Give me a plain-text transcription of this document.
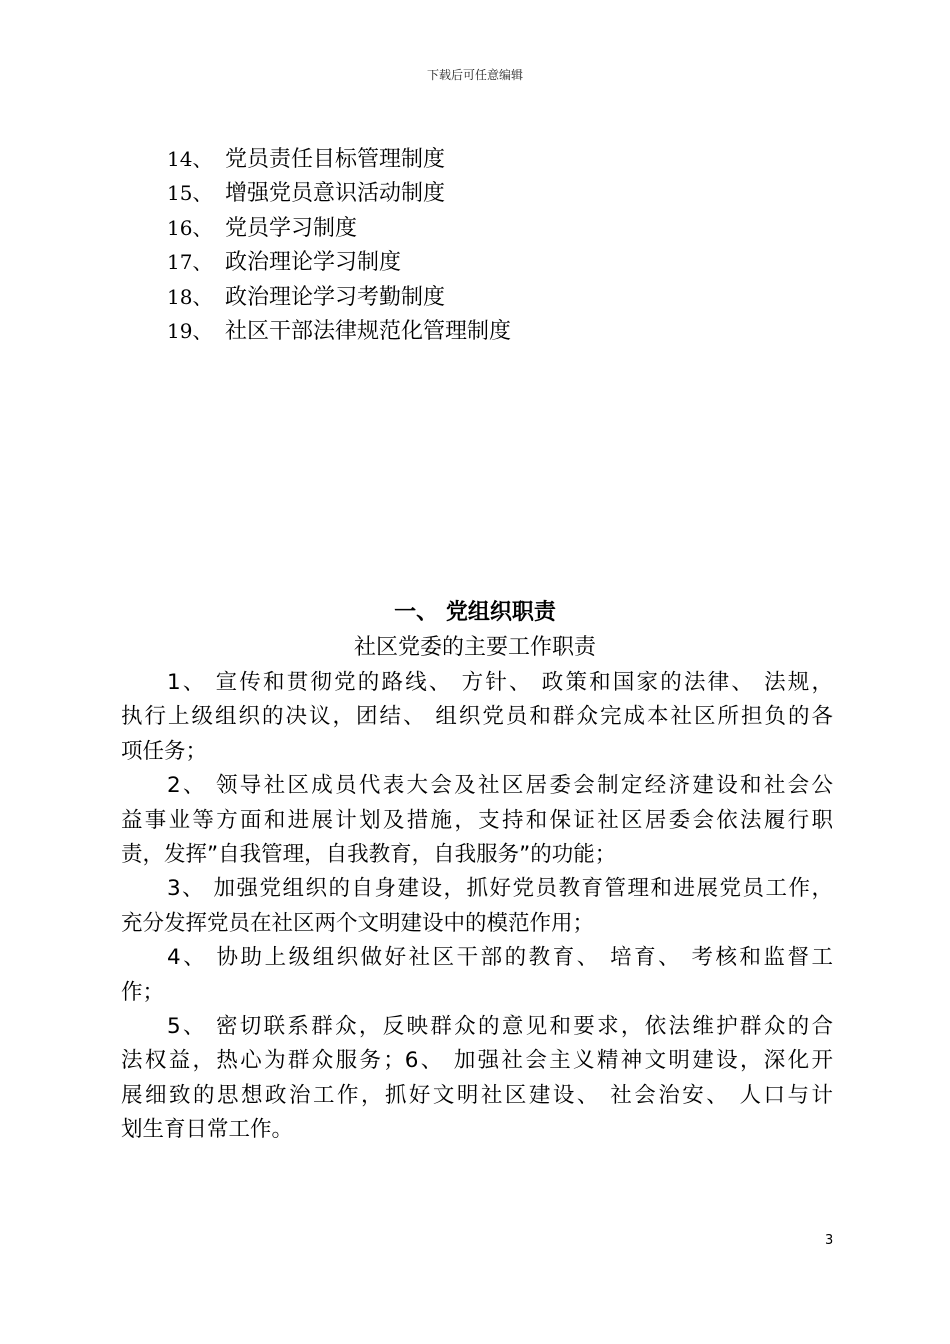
下载后可任意编辑
14、 党员责任目标管理制度
15、 增强党员意识活动制度
16、 党员学习制度
17、 政治理论学习制度
18、 政治理论学习考勤制度
19、 社区干部法律规范化管理制度
一、 党组织职责
社区党委的主要工作职责
1、 宣传和贯彻党的路线、 方针、 政策和国家的法律、 法规，
执行上级组织的决议，团结、 组织党员和群众完成本社区所担负的各
项任务；
2、 领导社区成员代表大会及社区居委会制定经济建设和社会公
益事业等方面和进展计划及措施，支持和保证社区居委会依法履行职
责，发挥”自我管理，自我教育，自我服务”的功能；
3、 加强党组织的自身建设，抓好党员教育管理和进展党员工作，
充分发挥党员在社区两个文明建设中的模范作用；
4、 协助上级组织做好社区干部的教育、 培育、 考核和监督工
作；
5、 密切联系群众，反映群众的意见和要求，依法维护群众的合
法权益，热心为群众服务；6、 加强社会主义精神文明建设，深化开
展细致的思想政治工作，抓好文明社区建设、 社会治安、 人口与计
划生育日常工作。
3
